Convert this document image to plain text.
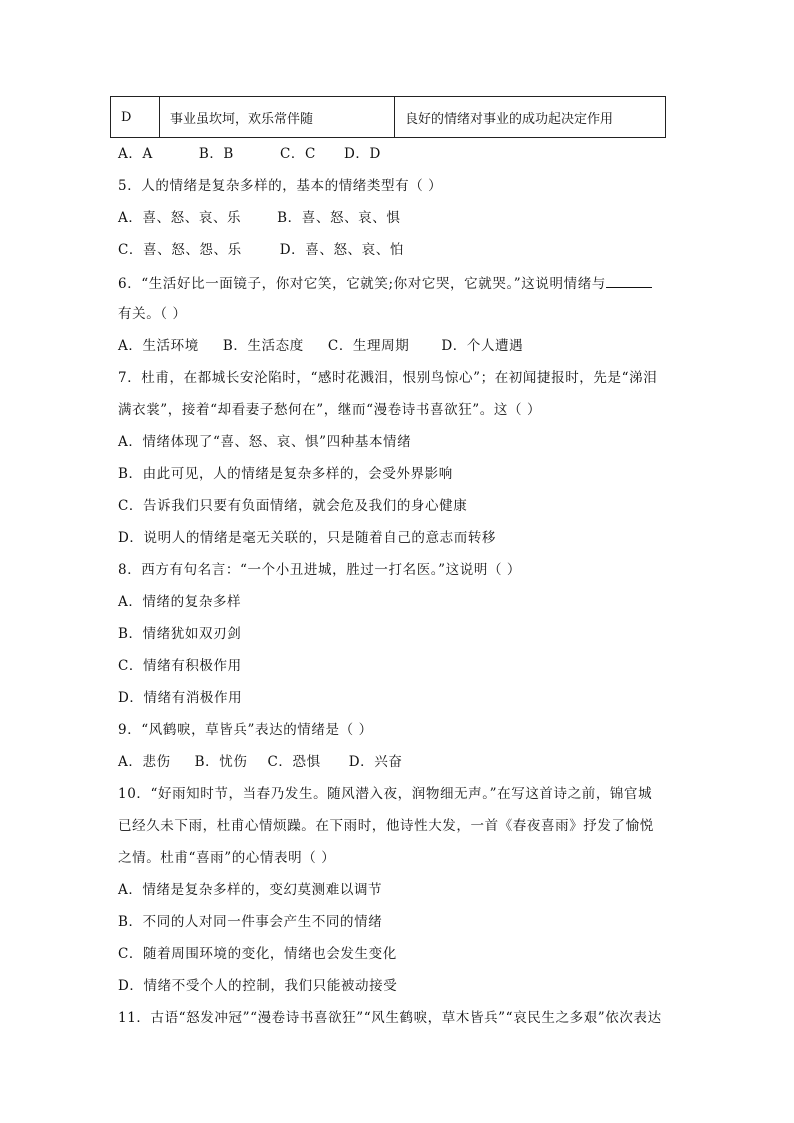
D	事业虽坎坷，欢乐常伴随	良好的情绪对事业的成功起决定作用
A．A	B．B	C．C D．D
5．人的情绪是复杂多样的，基本的情绪类型有（ ）
A．喜、怒、哀、乐	B．喜、怒、哀、惧
C．喜、怒、怨、乐	D．喜、怒、哀、怕
6．“生活好比一面镜子，你对它笑，它就笑;你对它哭，它就哭。”这说明情绪与
有关。（ ）
A．生活环境 B．生活态度 C．生理周期 D．个人遭遇
7．杜甫，在都城长安沦陷时，“感时花溅泪，恨别鸟惊心”；在初闻捷报时，先是“涕泪
满衣裳”，接着“却看妻子愁何在”，继而“漫卷诗书喜欲狂”。这（ ）
A．情绪体现了“喜、怒、哀、惧”四种基本情绪
B．由此可见，人的情绪是复杂多样的，会受外界影响
C．告诉我们只要有负面情绪，就会危及我们的身心健康
D．说明人的情绪是毫无关联的，只是随着自己的意志而转移
8．西方有句名言：“一个小丑进城，胜过一打名医。”这说明（ ）
A．情绪的复杂多样
B．情绪犹如双刃剑
C．情绪有积极作用
D．情绪有消极作用
9．“风鹤唳，草皆兵”表达的情绪是（ ）
A．悲伤 B．忧伤 C．恐惧 D．兴奋
10．“好雨知时节，当春乃发生。随风潜入夜，润物细无声。”在写这首诗之前，锦官城
已经久未下雨，杜甫心情烦躁。在下雨时，他诗性大发，一首《春夜喜雨》抒发了愉悦
之情。杜甫“喜雨”的心情表明（ ）
A．情绪是复杂多样的，变幻莫测难以调节
B．不同的人对同一件事会产生不同的情绪
C．随着周围环境的变化，情绪也会发生变化
D．情绪不受个人的控制，我们只能被动接受
11．古语“怒发冲冠”“漫卷诗书喜欲狂”“风生鹤唳，草木皆兵”“哀民生之多艰”依次表达
